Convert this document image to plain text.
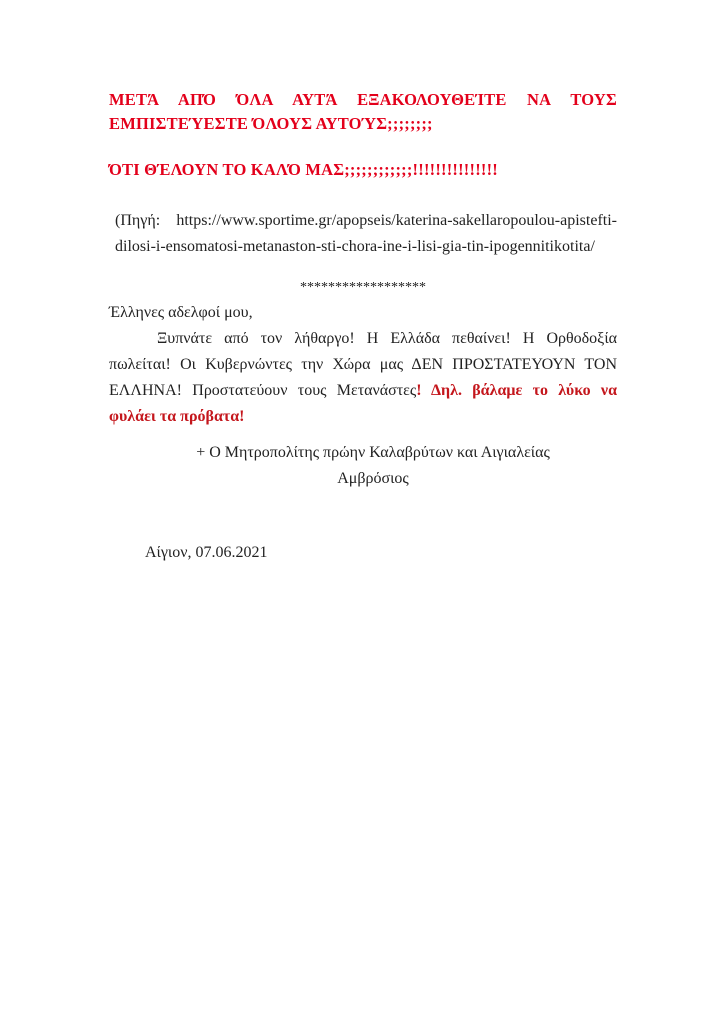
ΜΕΤΆ ΑΠΌ ΌΛΑ ΑΥΤΆ ΕΞΑΚΟΛΟΥΘΕΊΤΕ ΝΑ ΤΟΥΣ ΕΜΠΙΣΤΕΎΕΣΤΕ ΌΛΟΥΣ ΑΥΤΟΎΣ;;;;;;;;

ΌΤΙ ΘΈΛΟΥΝ ΤΟ ΚΑΛΌ ΜΑΣ;;;;;;;;;;;;!!!!!!!!!!!!!!!

(Πηγή: https://www.sportime.gr/apopseis/katerina-sakellaropoulou-apistefti-dilosi-i-ensomatosi-metanaston-sti-chora-ine-i-lisi-gia-tin-ipogennitikotita/
******************
Έλληνες αδελφοί μου,

Ξυπνάτε από τον λήθαργο! Η Ελλάδα πεθαίνει! Η Ορθοδοξία πωλείται! Οι Κυβερνώντες την Χώρα μας ΔΕΝ ΠΡΟΣΤΑΤΕΥΟΥΝ ΤΟΝ ΕΛΛΗΝΑ! Προστατεύουν τους Μετανάστες! Δηλ. βάλαμε το λύκο να φυλάει τα πρόβατα!

+ Ο Μητροπολίτης πρώην Καλαβρύτων και Αιγιαλείας
Αμβρόσιος
Αίγιον, 07.06.2021
